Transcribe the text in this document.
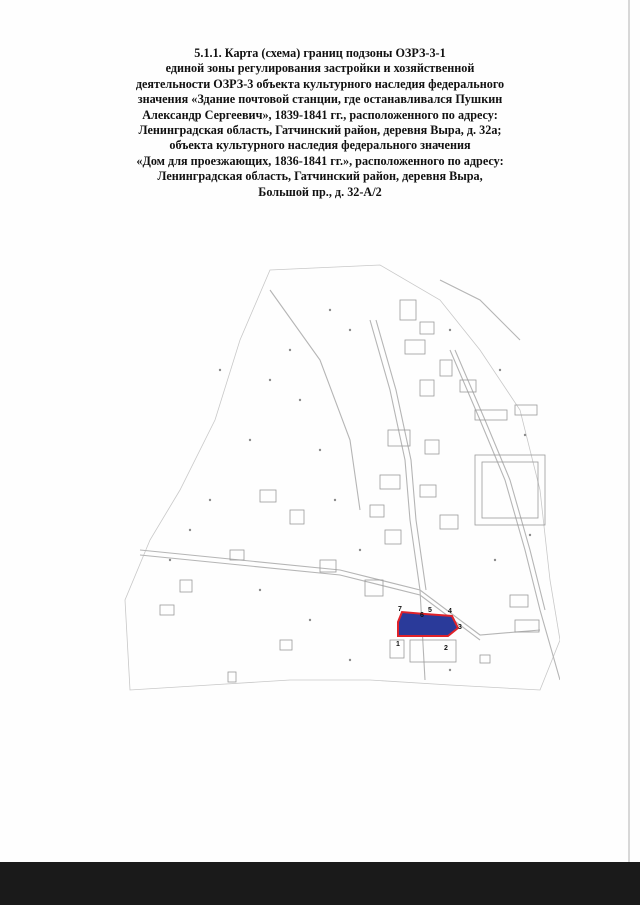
5.1.1. Карта (схема) границ подзоны ОЗРЗ-3-1
единой зоны регулирования застройки и хозяйственной
деятельности ОЗРЗ-3 объекта культурного наследия федерального
значения «Здание почтовой станции, где останавливался Пушкин
Александр Сергеевич», 1839-1841 гг., расположенного по адресу:
Ленинградская область, Гатчинский район, деревня Выра, д. 32а;
объекта культурного наследия федерального значения
«Дом для проезжающих, 1836-1841 гг.», расположенного по адресу:
Ленинградская область, Гатчинский район, деревня Выра,
Большой пр., д. 32-А/2
1
2
3
4
5
6
7
